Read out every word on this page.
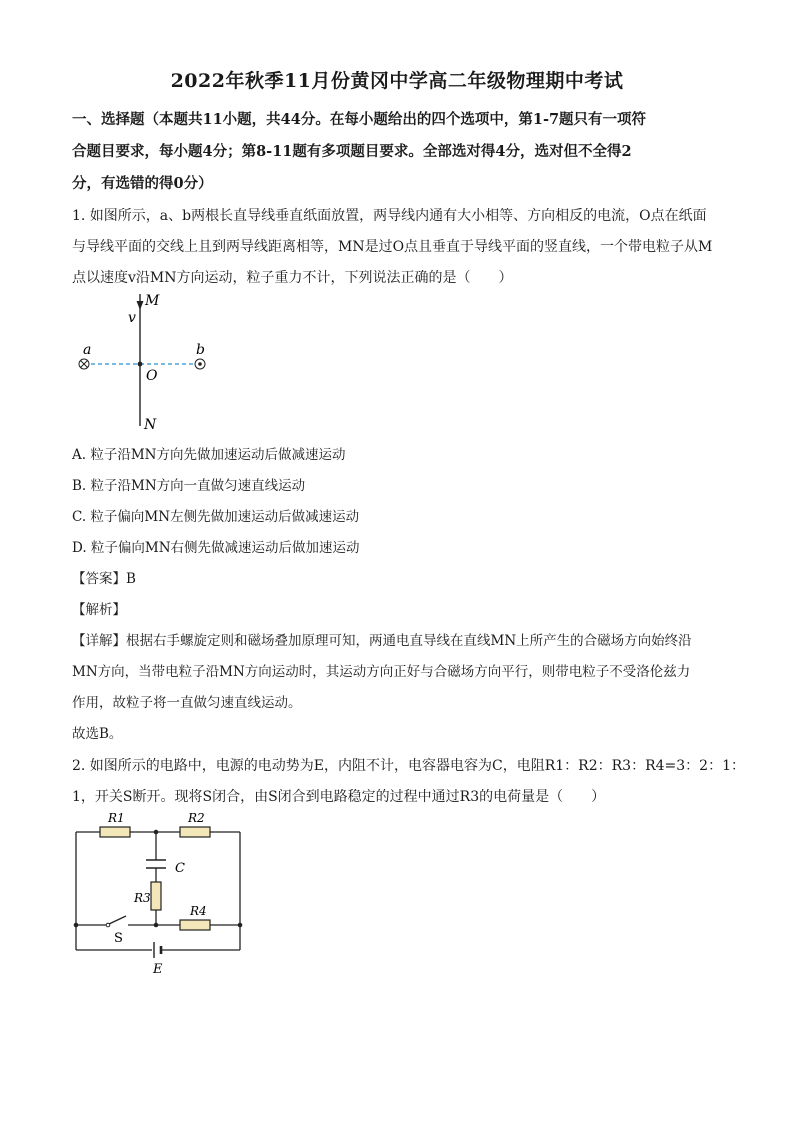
2022年秋季11月份黄冈中学高二年级物理期中考试
一、选择题（本题共11小题，共44分。在每小题给出的四个选项中，第1-7题只有一项符
合题目要求，每小题4分；第8-11题有多项题目要求。全部选对得4分，选对但不全得2
分，有选错的得0分）
1. 如图所示，a、b两根长直导线垂直纸面放置，两导线内通有大小相等、方向相反的电流，O点在纸面
与导线平面的交线上且到两导线距离相等，MN是过O点且垂直于导线平面的竖直线，一个带电粒子从M
点以速度v沿MN方向运动，粒子重力不计，下列说法正确的是（　　）
M
v
a	b
O
N
A. 粒子沿MN方向先做加速运动后做减速运动
B. 粒子沿MN方向一直做匀速直线运动
C. 粒子偏向MN左侧先做加速运动后做减速运动
D. 粒子偏向MN右侧先做减速运动后做加速运动
【答案】B
【解析】
【详解】根据右手螺旋定则和磁场叠加原理可知，两通电直导线在直线MN上所产生的合磁场方向始终沿
MN方向，当带电粒子沿MN方向运动时，其运动方向正好与合磁场方向平行，则带电粒子不受洛伦兹力
作用，故粒子将一直做匀速直线运动。
故选B。
2. 如图所示的电路中，电源的电动势为E，内阻不计，电容器电容为C，电阻R1：R2：R3：R4=3：2：1：
1，开关S断开。现将S闭合，由S闭合到电路稳定的过程中通过R3的电荷量是（　　）
R1	R2
C
R3
R4
S
E
